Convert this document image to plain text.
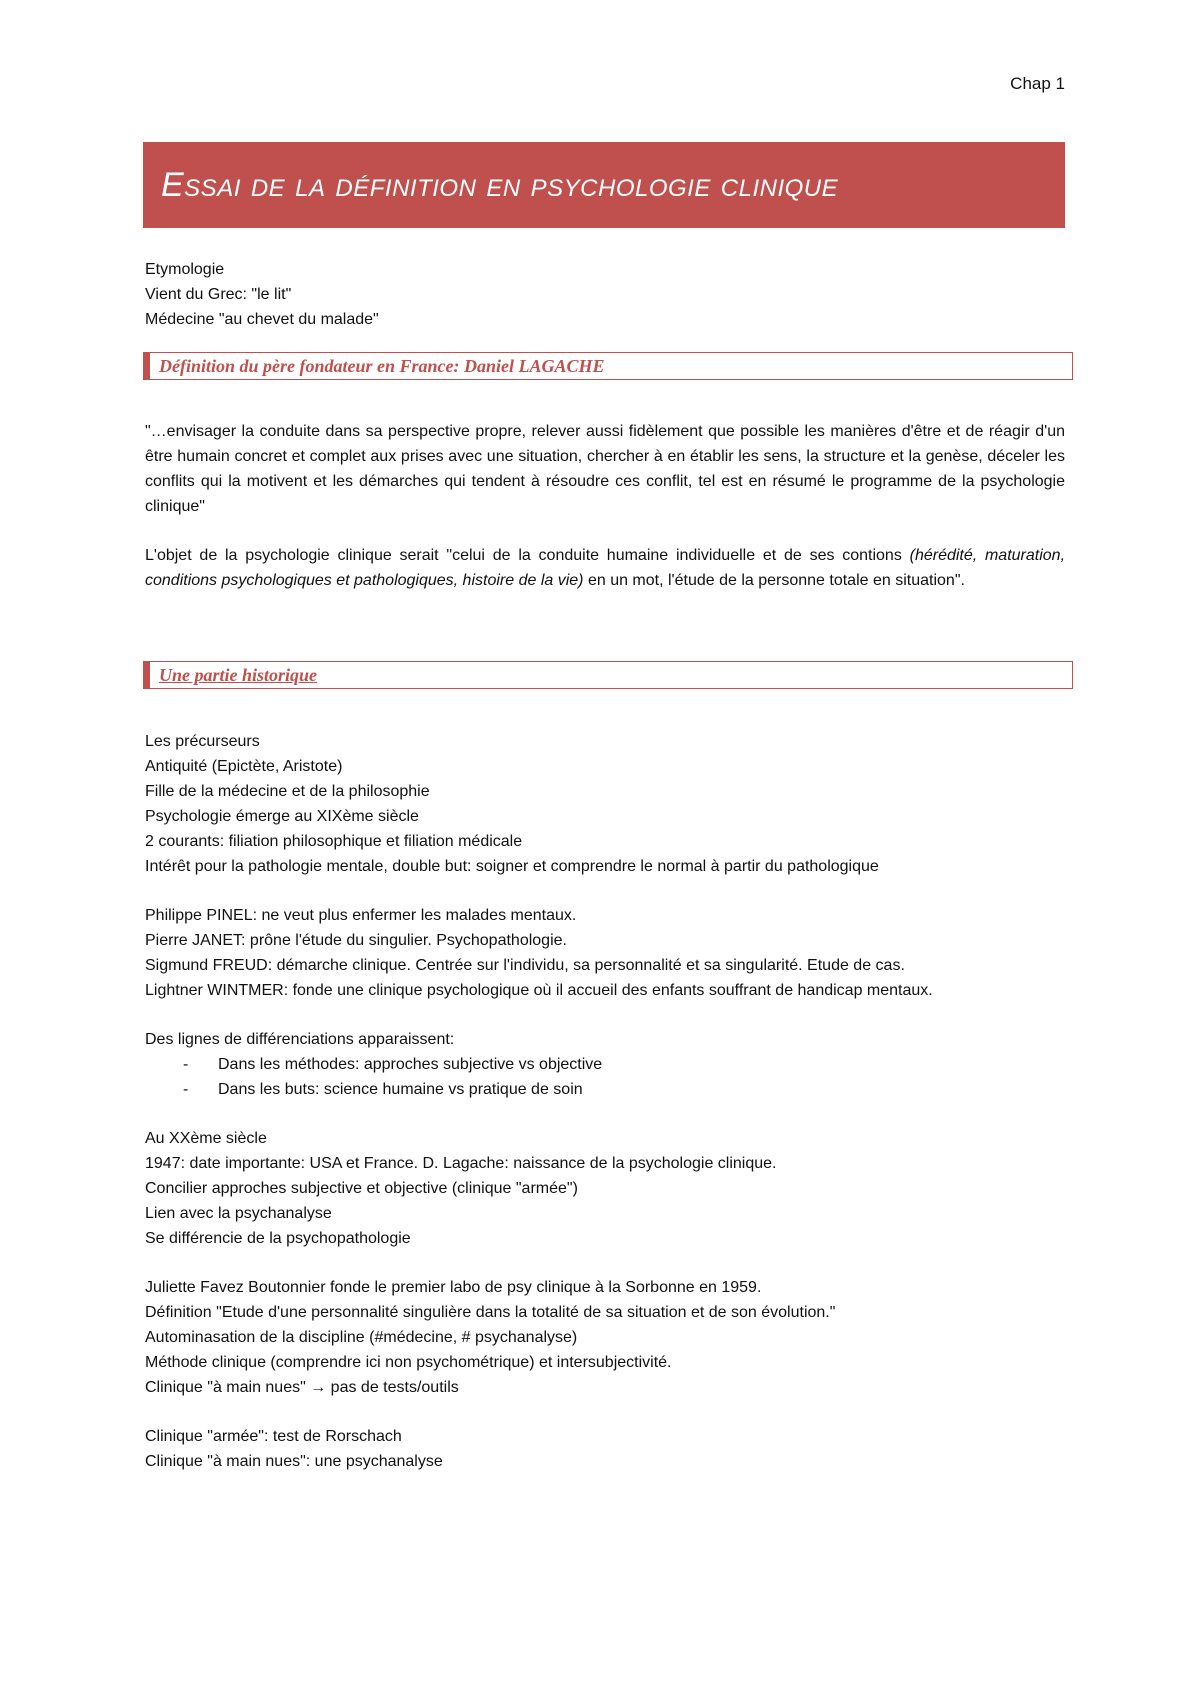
Chap 1
Essai de la définition en psychologie clinique
Etymologie
Vient du Grec: "le lit"
Médecine "au chevet du malade"
Définition du père fondateur en France: Daniel LAGACHE
"…envisager la conduite dans sa perspective propre, relever aussi fidèlement que possible les manières d'être et de réagir d'un être humain concret et complet aux prises avec une situation, chercher à en établir les sens, la structure et la genèse, déceler les conflits qui la motivent et les démarches qui tendent à résoudre ces conflit, tel est en résumé le programme de la psychologie clinique"
L'objet de la psychologie clinique serait "celui de la conduite humaine individuelle et de ses contions (hérédité, maturation, conditions psychologiques et pathologiques, histoire de la vie) en un mot, l'étude de la personne totale en situation".
Une partie historique
Les précurseurs
Antiquité (Epictète, Aristote)
Fille de la médecine et de la philosophie
Psychologie émerge au XIXème siècle
2 courants: filiation philosophique et filiation médicale
Intérêt pour la pathologie mentale, double but: soigner et comprendre le normal à partir du pathologique
Philippe PINEL: ne veut plus enfermer les malades mentaux.
Pierre JANET: prône l'étude du singulier. Psychopathologie.
Sigmund FREUD: démarche clinique. Centrée sur l'individu, sa personnalité et sa singularité. Etude de cas.
Lightner WINTMER: fonde une clinique psychologique où il accueil des enfants souffrant de handicap mentaux.
Des lignes de différenciations apparaissent:
- Dans les méthodes: approches subjective vs objective
- Dans les buts: science humaine vs pratique de soin
Au XXème siècle
1947: date importante: USA et France. D. Lagache: naissance de la psychologie clinique.
Concilier approches subjective et objective (clinique "armée")
Lien avec la psychanalyse
Se différencie de la psychopathologie
Juliette Favez Boutonnier fonde le premier labo de psy clinique à la Sorbonne en 1959.
Définition "Etude d'une personnalité singulière dans la totalité de sa situation et de son évolution."
Autominasation de la discipline (#médecine, # psychanalyse)
Méthode clinique (comprendre ici non psychométrique) et intersubjectivité.
Clinique "à main nues" → pas de tests/outils
Clinique "armée": test de Rorschach
Clinique "à main nues": une psychanalyse
